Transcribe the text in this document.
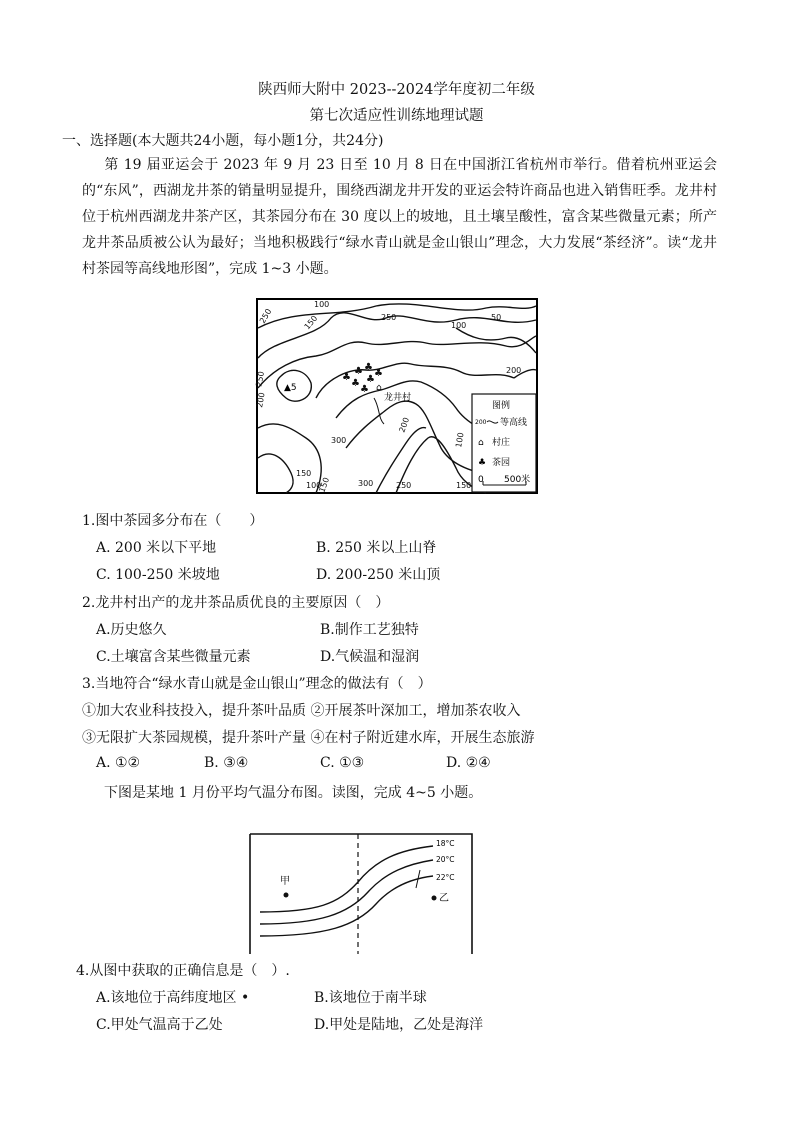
陕西师大附中 2023--2024学年度初二年级
第七次适应性训练地理试题
一、选择题(本大题共24小题，每小题1分，共24分)
第 19 届亚运会于 2023 年 9 月 23 日至 10 月 8 日在中国浙江省杭州市举行。借着杭州亚运会的“东风”，西湖龙井茶的销量明显提升，围绕西湖龙井开发的亚运会特许商品也进入销售旺季。龙井村位于杭州西湖龙井茶产区，其茶园分布在 30 度以上的坡地，且土壤呈酸性，富含某些微量元素；所产龙井茶品质被公认为最好；当地积极践行“绿水青山就是金山银山”理念，大力发展“茶经济”。读“龙井村茶园等高线地形图”，完成 1~3 小题。
100
250	150	250
100
50
200
250
200
300
150
100
150	300	250
200
100
150
▲5
♣
♣ ♣
♣ ♣
♣
♣ ⌂
龙井村
图例
200 等高线
⌂ 村庄
♣ 茶园
0 500米
1.图中茶园多分布在（　　）
A. 200 米以下平地	B. 250 米以上山脊
C. 100-250 米坡地	D. 200-250 米山顶
2.龙井村出产的龙井茶品质优良的主要原因（　）
A.历史悠久	B.制作工艺独特
C.土壤富含某些微量元素	D.气候温和湿润
3.当地符合“绿水青山就是金山银山”理念的做法有（　）
①加大农业科技投入，提升茶叶品质 ②开展茶叶深加工，增加茶农收入
③无限扩大茶园规模，提升茶叶产量 ④在村子附近建水库，开展生态旅游
A. ①②	B. ③④	C. ①③	D. ②④
下图是某地 1 月份平均气温分布图。读图，完成 4~5 小题。
18°C
20°C
22°C
甲
乙
4.从图中获取的正确信息是（　）.
A.该地位于高纬度地区 •	B.该地位于南半球
C.甲处气温高于乙处	D.甲处是陆地，乙处是海洋
